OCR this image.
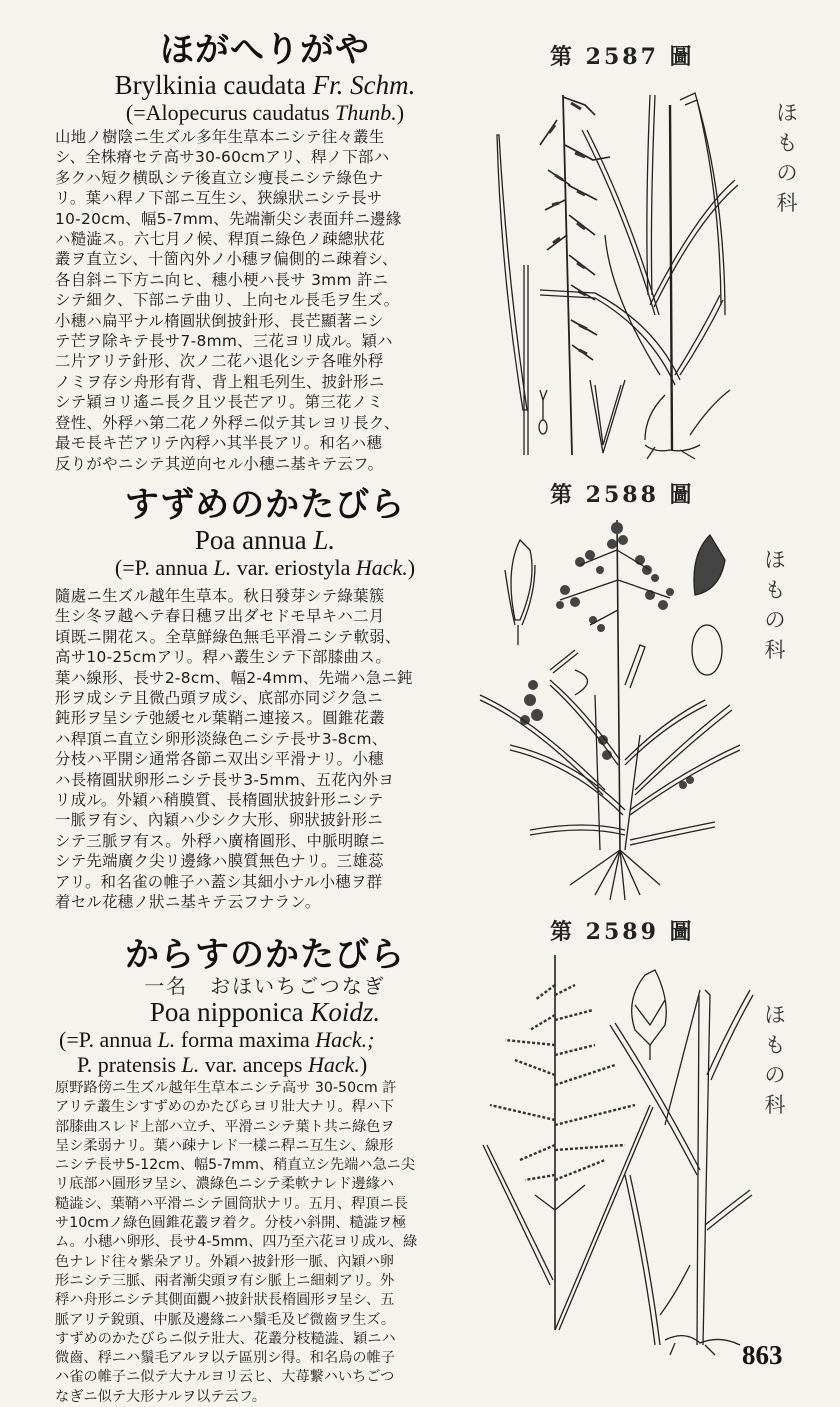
ほがへりがや
Brylkinia caudata Fr. Schm.
(=Alopecurus caudatus Thunb.)
山地ノ樹陰ニ生ズル多年生草本ニシテ往々叢生
シ、全株瘠セテ高サ30-60cmアリ、稈ノ下部ハ
多クハ短ク横臥シテ後直立シ痩長ニシテ綠色ナ
リ。葉ハ稈ノ下部ニ互生シ、狹線狀ニシテ長サ
10-20cm、幅5-7mm、先端漸尖シ表面幷ニ邊緣
ハ糙澁ス。六七月ノ候、稈頂ニ綠色ノ疎總狀花
叢ヲ直立シ、十箇內外ノ小穗ヲ偏側的ニ疎着シ、
各自斜ニ下方ニ向ヒ、穗小梗ハ長サ 3mm 許ニ
シテ細ク、下部ニテ曲リ、上向セル長毛ヲ生ズ。
小穗ハ扁平ナル楕圓狀倒披針形、長芒顯著ニシ
テ芒ヲ除キテ長サ7-8mm、三花ヨリ成ル。穎ハ
二片アリテ針形、次ノ二花ハ退化シテ各唯外稃
ノミヲ存シ舟形有背、背上粗毛列生、披針形ニ
シテ穎ヨリ遙ニ長ク且ツ長芒アリ。第三花ノミ
登性、外稃ハ第二花ノ外稃ニ似テ其レヨリ長ク、
最モ長キ芒アリテ內稃ハ其半長アリ。和名ハ穗
反りがやニシテ其逆向セル小穗ニ基キテ云フ。
第 2587 圖
ほ
も
の
科
すずめのかたびら
Poa annua L.
(=P. annua L. var. eriostyla Hack.)
隨處ニ生ズル越年生草本。秋日發芽シテ綠葉簇
生シ冬ヲ越ヘテ春日穗ヲ出ダセドモ早キハ二月
頃既ニ開花ス。全草鮮綠色無毛平滑ニシテ軟弱、
高サ10-25cmアリ。稈ハ叢生シテ下部膝曲ス。
葉ハ線形、長サ2-8cm、幅2-4mm、先端ハ急ニ鈍
形ヲ成シテ且微凸頭ヲ成シ、底部亦同ジク急ニ
鈍形ヲ呈シテ弛緩セル葉鞘ニ連接ス。圓錐花叢
ハ稈頂ニ直立シ卵形淡綠色ニシテ長サ3-8cm、
分枝ハ平開シ通常各節ニ双出シ平滑ナリ。小穗
ハ長楕圓狀卵形ニシテ長サ3-5mm、五花內外ヨ
リ成ル。外穎ハ稍膜質、長楕圓狀披針形ニシテ
一脈ヲ有シ、內穎ハ少シク大形、卵狀披針形ニ
シテ三脈ヲ有ス。外稃ハ廣楕圓形、中脈明瞭ニ
シテ先端廣ク尖リ邊緣ハ膜質無色ナリ。三雄蕊
アリ。和名雀の帷子ハ蓋シ其細小ナル小穗ヲ群
着セル花穗ノ狀ニ基キテ云フナラン。
第 2588 圖
ほ
も
の
科
からすのかたびら
一名　おほいちごつなぎ
Poa nipponica Koidz.
(=P. annua L. forma maxima Hack.;
P. pratensis L. var. anceps Hack.)
原野路傍ニ生ズル越年生草本ニシテ高サ 30-50cm 許
アリテ叢生シすずめのかたびらヨリ壯大ナリ。稈ハ下
部膝曲スレド上部ハ立チ、平滑ニシテ葉ト共ニ綠色ヲ
呈シ柔弱ナリ。葉ハ疎ナレド一樣ニ稈ニ互生シ、線形
ニシテ長サ5-12cm、幅5-7mm、稍直立シ先端ハ急ニ尖
リ底部ハ圓形ヲ呈シ、濃綠色ニシテ柔軟ナレド邊緣ハ
糙澁シ、葉鞘ハ平滑ニシテ圓筒狀ナリ。五月、稈頂ニ長
サ10cmノ綠色圓錐花叢ヲ着ク。分枝ハ斜開、糙澁ヲ極
ム。小穗ハ卵形、長サ4-5mm、四乃至六花ヨリ成ル、綠
色ナレド往々紫朵アリ。外穎ハ披針形一脈、內穎ハ卵
形ニシテ三脈、兩者漸尖頭ヲ有シ脈上ニ細刺アリ。外
稃ハ舟形ニシテ其側面觀ハ披針狀長楕圓形ヲ呈シ、五
脈アリテ銳頭、中脈及邊緣ニハ鬚毛及ビ微齒ヲ生ズ。
すずめのかたびらニ似テ壯大、花叢分枝糙澁、穎ニハ
微齒、稃ニハ鬚毛アルヲ以テ區別シ得。和名烏の帷子
ハ雀の帷子ニ似テ大ナルヨリ云ヒ、大苺繋ハいちごつ
なぎニ似テ大形ナルヲ以テ云フ。
第 2589 圖
ほ
も
の
科
863
